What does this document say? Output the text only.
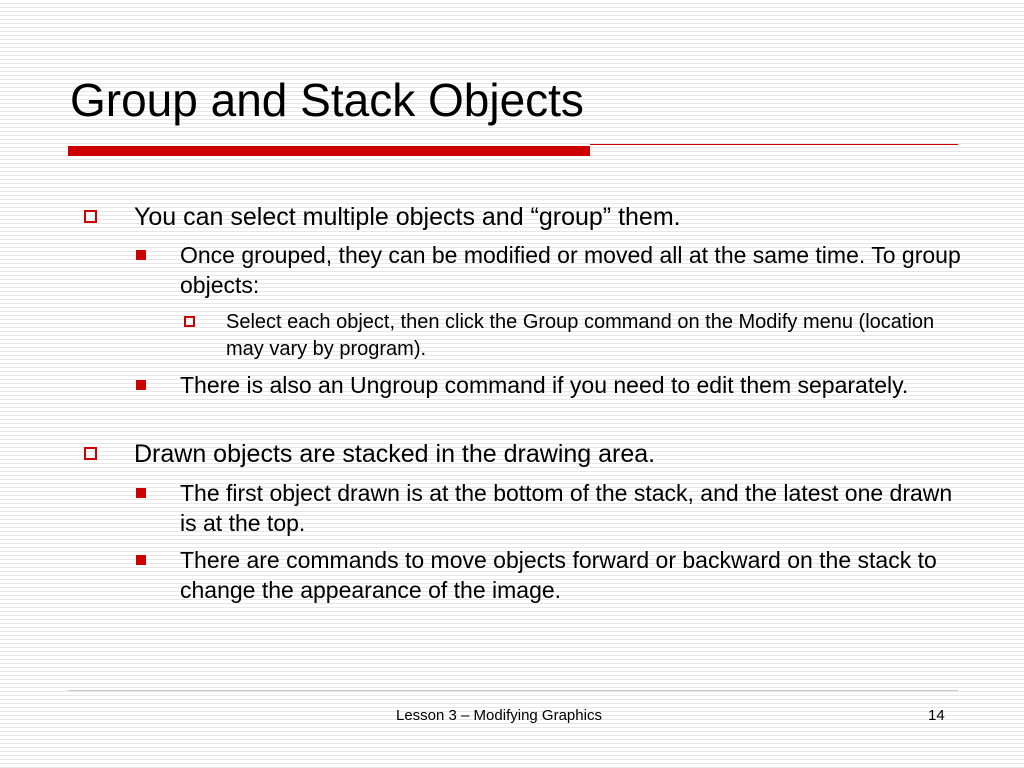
Group and Stack Objects
You can select multiple objects and “group” them.
Once grouped, they can be modified or moved all at the same time. To group objects:
Select each object, then click the Group command on the Modify menu (location may vary by program).
There is also an Ungroup command if you need to edit them separately.
Drawn objects are stacked in the drawing area.
The first object drawn is at the bottom of the stack, and the latest one drawn is at the top.
There are commands to move objects forward or backward on the stack to change the appearance of the image.
Lesson 3 – Modifying Graphics	14
